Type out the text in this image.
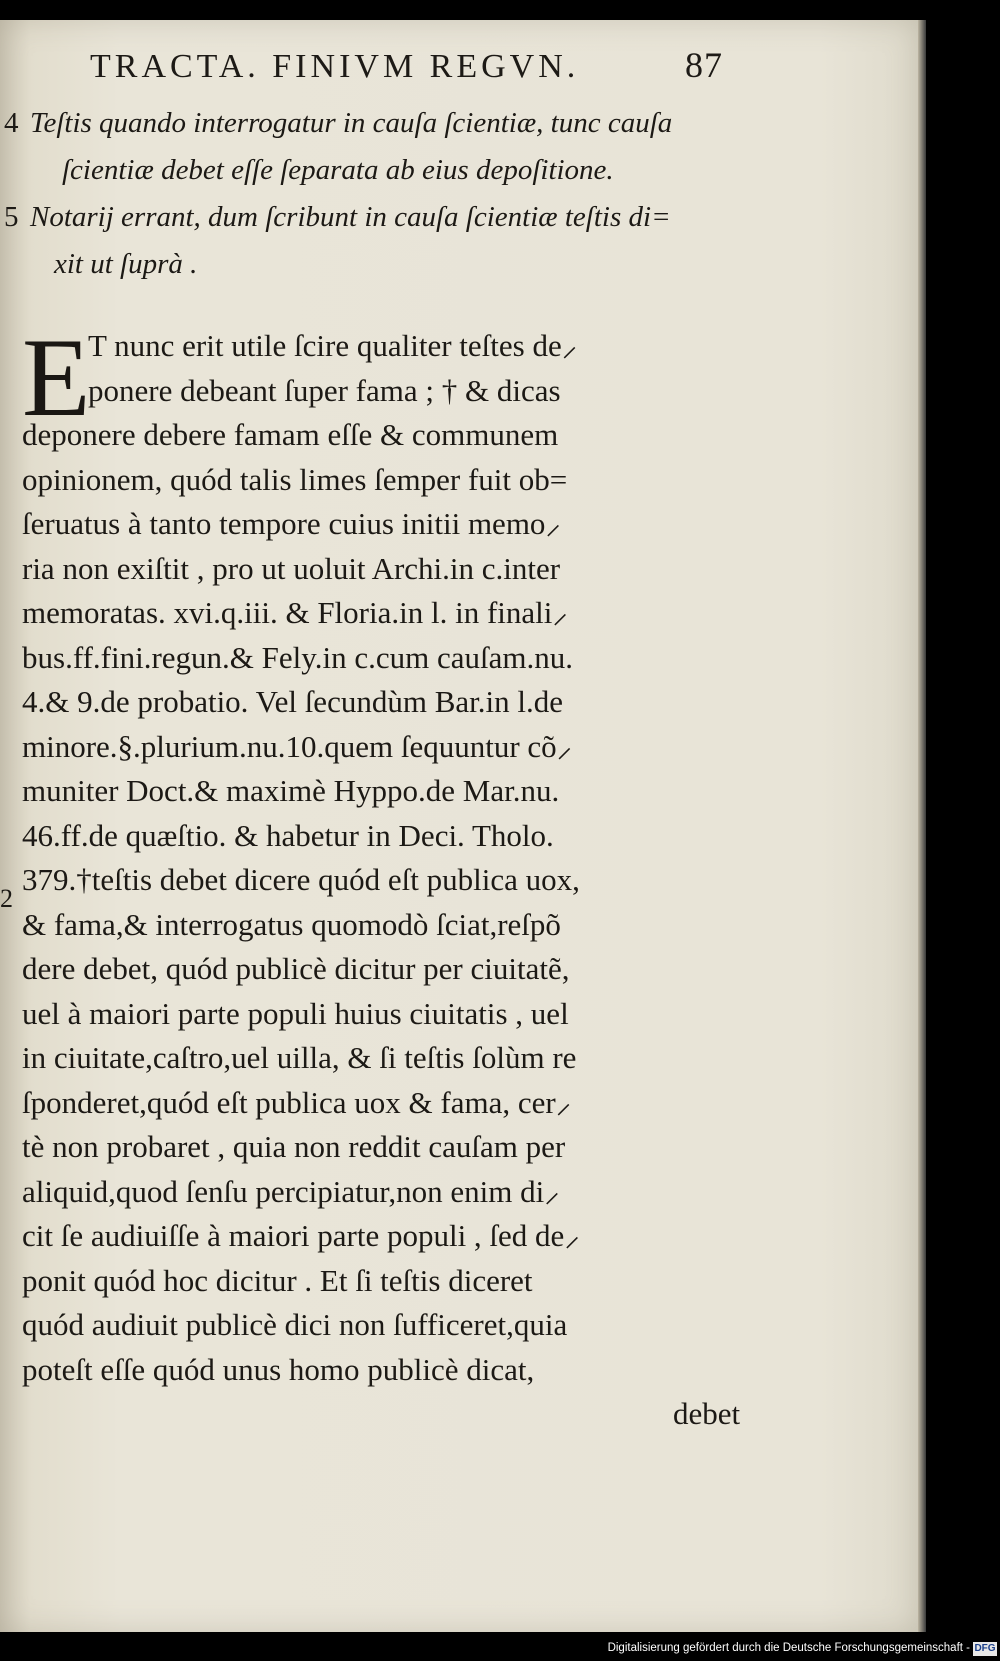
TRACTA. FINIVM REGVN.	87
4 Teſtis quando interrogatur in cauſa ſcientiæ, tunc cauſa
ſcientiæ debet eſſe ſeparata ab eius depoſitione.
5 Notarij errant, dum ſcribunt in cauſa ſcientiæ teſtis di=
xit ut ſuprà .
E
T nunc erit utile ſcire qualiter teſtes de⸝
ponere debeant ſuper fama ; † & dicas
deponere debere famam eſſe & communem
opinionem, quód talis limes ſemper fuit ob=
ſeruatus à tanto tempore cuius initii memo⸝
ria non exiſtit , pro ut uoluit Archi.in c.inter
memoratas. xvi.q.iii. & Floria.in l. in finali⸝
bus.ff.fini.regun.& Fely.in c.cum cauſam.nu.
4.& 9.de probatio. Vel ſecundùm Bar.in l.de
minore.§.plurium.nu.10.quem ſequuntur cõ⸝
muniter Doct.& maximè Hyppo.de Mar.nu.
46.ff.de quæſtio. & habetur in Deci. Tholo.
379.†teſtis debet dicere quód eſt publica uox,
& fama,& interrogatus quomodò ſciat,reſpõ
dere debet, quód publicè dicitur per ciuitatẽ,
uel à maiori parte populi huius ciuitatis , uel
in ciuitate,caſtro,uel uilla, & ſi teſtis ſolùm re
ſponderet,quód eſt publica uox & fama, cer⸝
tè non probaret , quia non reddit cauſam per
aliquid,quod ſenſu percipiatur,non enim di⸝
cit ſe audiuiſſe à maiori parte populi , ſed de⸝
ponit quód hoc dicitur . Et ſi teſtis diceret
quód audiuit publicè dici non ſufficeret,quia
poteſt eſſe quód unus homo publicè dicat,
2
debet
Digitalisierung gefördert durch die Deutsche Forschungsgemeinschaft - DFG
